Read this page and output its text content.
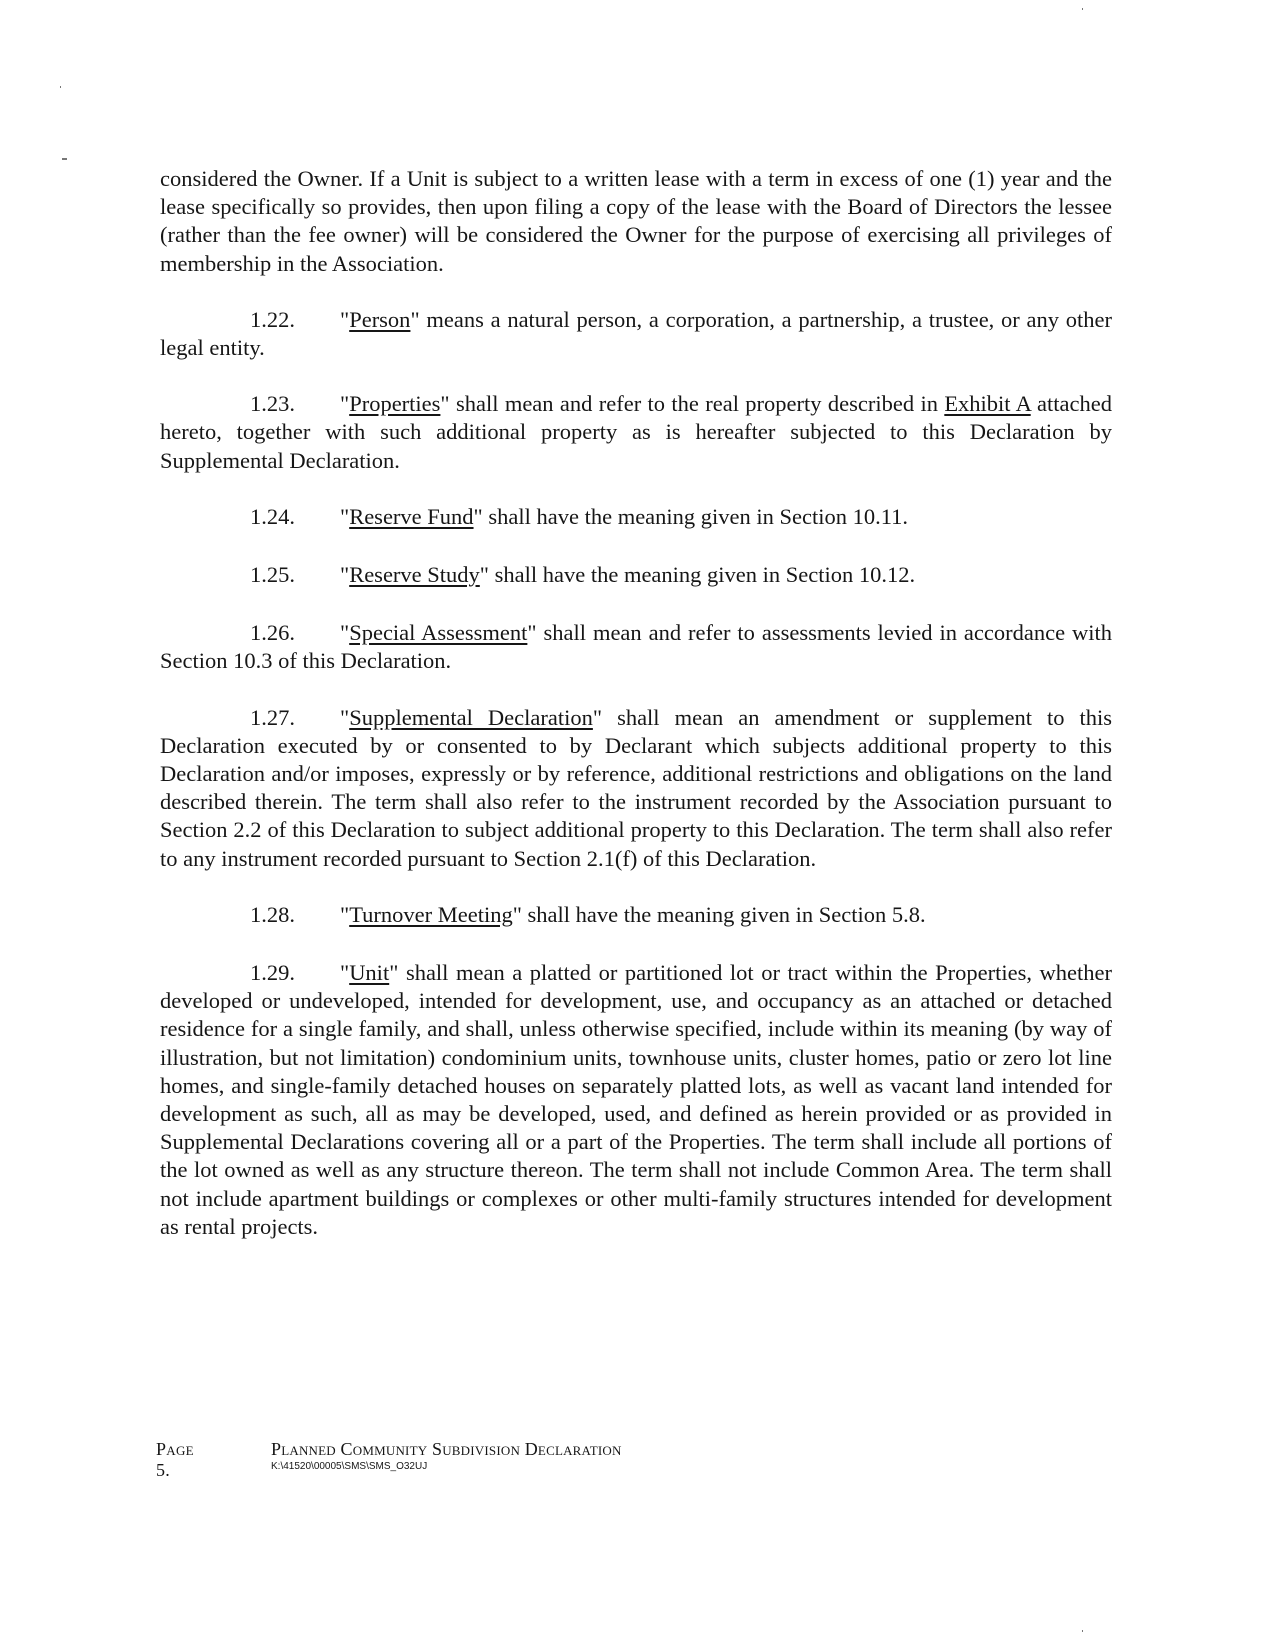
considered the Owner. If a Unit is subject to a written lease with a term in excess of one (1) year and the lease specifically so provides, then upon filing a copy of the lease with the Board of Directors the lessee (rather than the fee owner) will be considered the Owner for the purpose of exercising all privileges of membership in the Association.

1.22. "Person" means a natural person, a corporation, a partnership, a trustee, or any other legal entity.

1.23. "Properties" shall mean and refer to the real property described in Exhibit A attached hereto, together with such additional property as is hereafter subjected to this Declaration by Supplemental Declaration.

1.24. "Reserve Fund" shall have the meaning given in Section 10.11.

1.25. "Reserve Study" shall have the meaning given in Section 10.12.

1.26. "Special Assessment" shall mean and refer to assessments levied in accordance with Section 10.3 of this Declaration.

1.27. "Supplemental Declaration" shall mean an amendment or supplement to this Declaration executed by or consented to by Declarant which subjects additional property to this Declaration and/or imposes, expressly or by reference, additional restrictions and obligations on the land described therein. The term shall also refer to the instrument recorded by the Association pursuant to Section 2.2 of this Declaration to subject additional property to this Declaration. The term shall also refer to any instrument recorded pursuant to Section 2.1(f) of this Declaration.

1.28. "Turnover Meeting" shall have the meaning given in Section 5.8.

1.29. "Unit" shall mean a platted or partitioned lot or tract within the Properties, whether developed or undeveloped, intended for development, use, and occupancy as an attached or detached residence for a single family, and shall, unless otherwise specified, include within its meaning (by way of illustration, but not limitation) condominium units, townhouse units, cluster homes, patio or zero lot line homes, and single-family detached houses on separately platted lots, as well as vacant land intended for development as such, all as may be developed, used, and defined as herein provided or as provided in Supplemental Declarations covering all or a part of the Properties. The term shall include all portions of the lot owned as well as any structure thereon. The term shall not include Common Area. The term shall not include apartment buildings or complexes or other multi-family structures intended for development as rental projects.

Page 5.
Planned Community Subdivision Declaration
K:\41520\00005\SMS\SMS_O32UJ
